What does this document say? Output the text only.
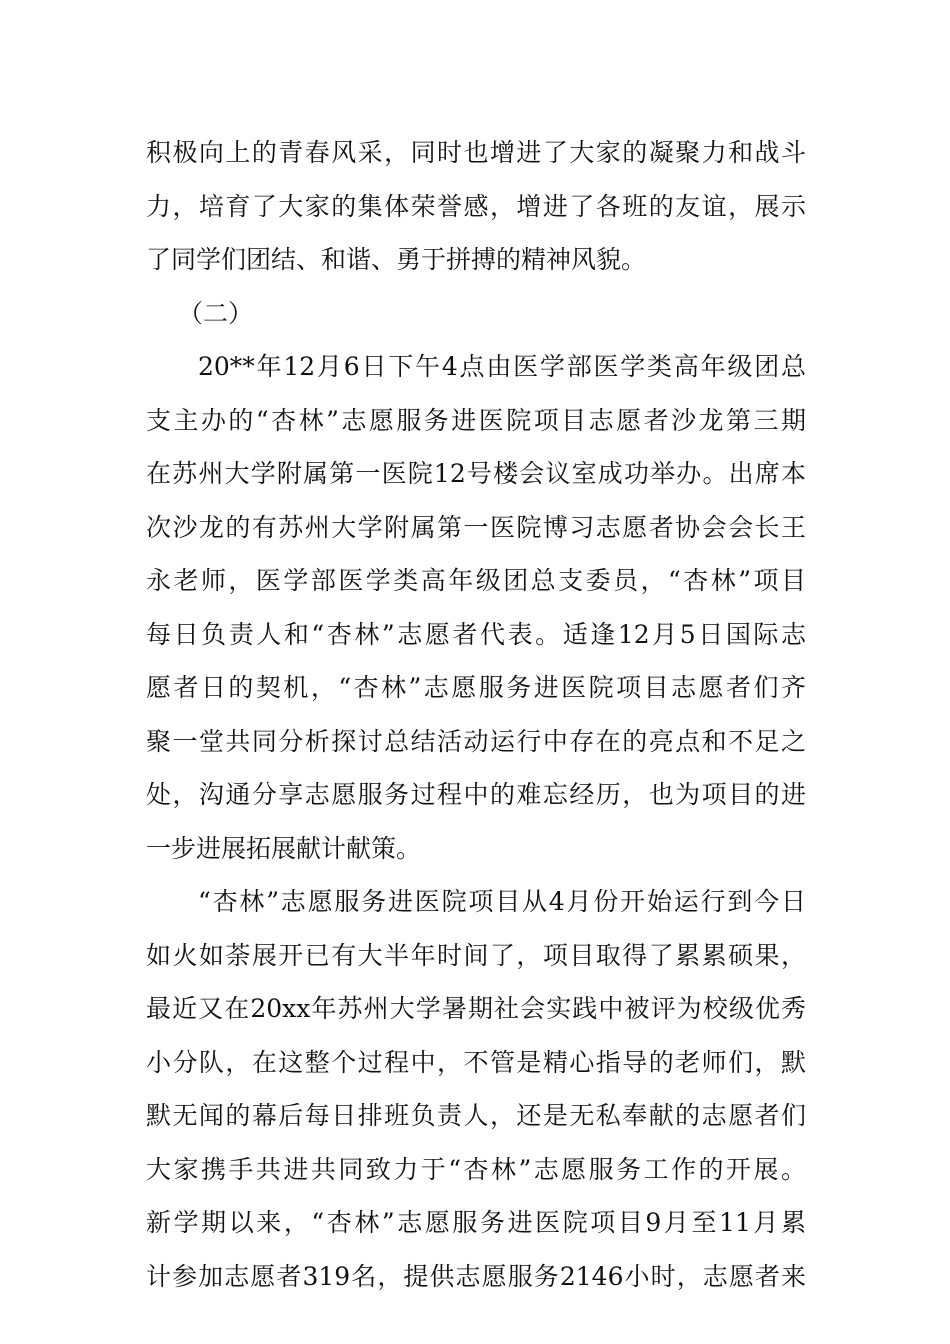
积极向上的青春风采，同时也增进了大家的凝聚力和战斗
力，培育了大家的集体荣誉感，增进了各班的友谊，展示
了同学们团结、和谐、勇于拼搏的精神风貌。
（二）
20**年12月6日下午4点由医学部医学类高年级团总
支主办的“杏林”志愿服务进医院项目志愿者沙龙第三期
在苏州大学附属第一医院12号楼会议室成功举办。出席本
次沙龙的有苏州大学附属第一医院博习志愿者协会会长王
永老师，医学部医学类高年级团总支委员，“杏林”项目
每日负责人和“杏林”志愿者代表。适逢12月5日国际志
愿者日的契机，“杏林”志愿服务进医院项目志愿者们齐
聚一堂共同分析探讨总结活动运行中存在的亮点和不足之
处，沟通分享志愿服务过程中的难忘经历，也为项目的进
一步进展拓展献计献策。
“杏林”志愿服务进医院项目从4月份开始运行到今日
如火如荼展开已有大半年时间了，项目取得了累累硕果，
最近又在20xx年苏州大学暑期社会实践中被评为校级优秀
小分队，在这整个过程中，不管是精心指导的老师们，默
默无闻的幕后每日排班负责人，还是无私奉献的志愿者们
大家携手共进共同致力于“杏林”志愿服务工作的开展。
新学期以来，“杏林”志愿服务进医院项目9月至11月累
计参加志愿者319名，提供志愿服务2146小时，志愿者来
